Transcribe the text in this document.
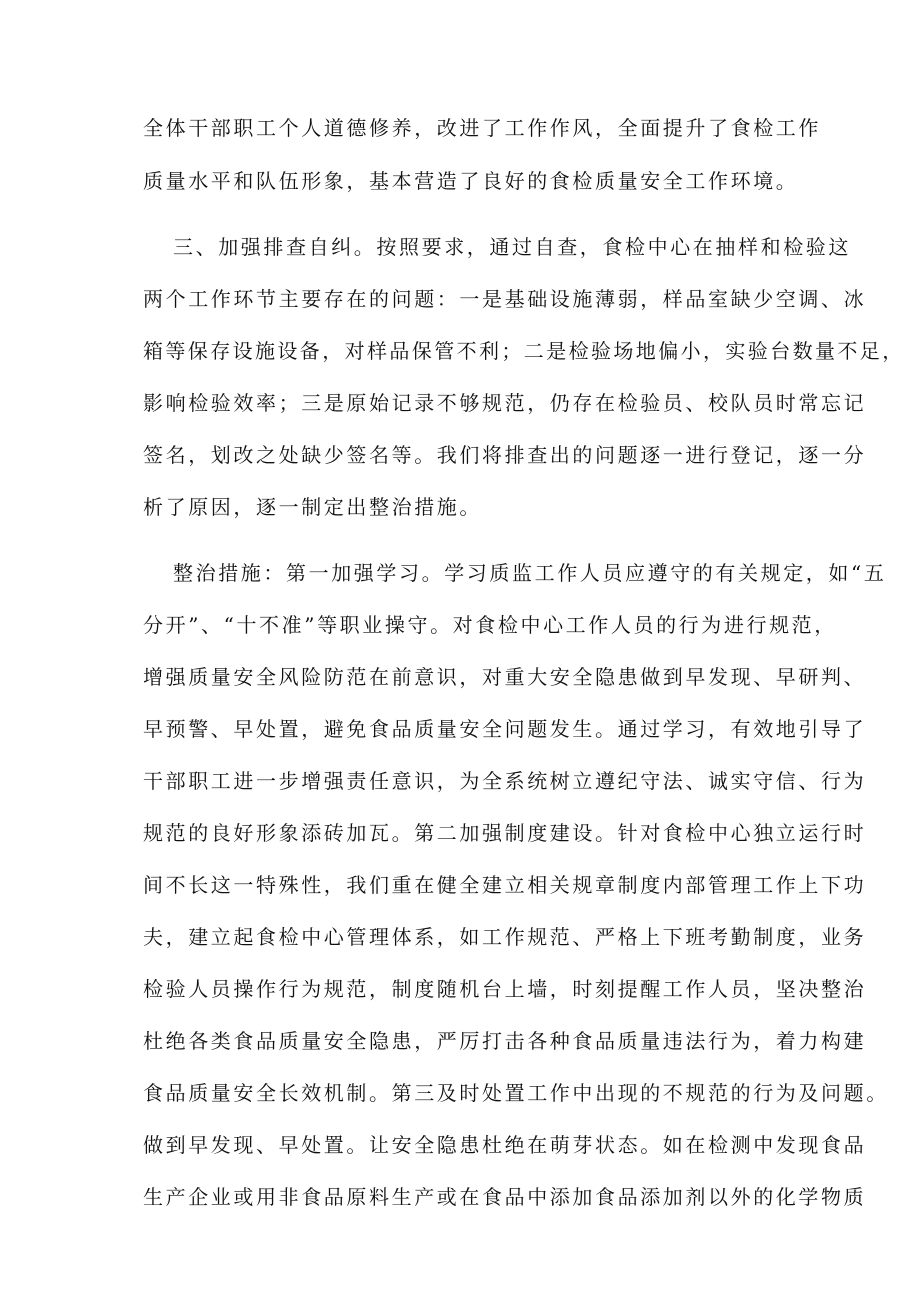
全体干部职工个人道德修养，改进了工作作风，全面提升了食检工作
质量水平和队伍形象，基本营造了良好的食检质量安全工作环境。
三、加强排查自纠。按照要求，通过自查，食检中心在抽样和检验这
两个工作环节主要存在的问题：一是基础设施薄弱，样品室缺少空调、冰
箱等保存设施设备，对样品保管不利；二是检验场地偏小，实验台数量不足，
影响检验效率；三是原始记录不够规范，仍存在检验员、校队员时常忘记
签名，划改之处缺少签名等。我们将排查出的问题逐一进行登记，逐一分
析了原因，逐一制定出整治措施。
整治措施：第一加强学习。学习质监工作人员应遵守的有关规定，如“五
分开”、“十不准”等职业操守。对食检中心工作人员的行为进行规范，
增强质量安全风险防范在前意识，对重大安全隐患做到早发现、早研判、
早预警、早处置，避免食品质量安全问题发生。通过学习，有效地引导了
干部职工进一步增强责任意识，为全系统树立遵纪守法、诚实守信、行为
规范的良好形象添砖加瓦。第二加强制度建设。针对食检中心独立运行时
间不长这一特殊性，我们重在健全建立相关规章制度内部管理工作上下功
夫，建立起食检中心管理体系，如工作规范、严格上下班考勤制度，业务
检验人员操作行为规范，制度随机台上墙，时刻提醒工作人员，坚决整治
杜绝各类食品质量安全隐患，严厉打击各种食品质量违法行为，着力构建
食品质量安全长效机制。第三及时处置工作中出现的不规范的行为及问题。
做到早发现、早处置。让安全隐患杜绝在萌芽状态。如在检测中发现食品
生产企业或用非食品原料生产或在食品中添加食品添加剂以外的化学物质
